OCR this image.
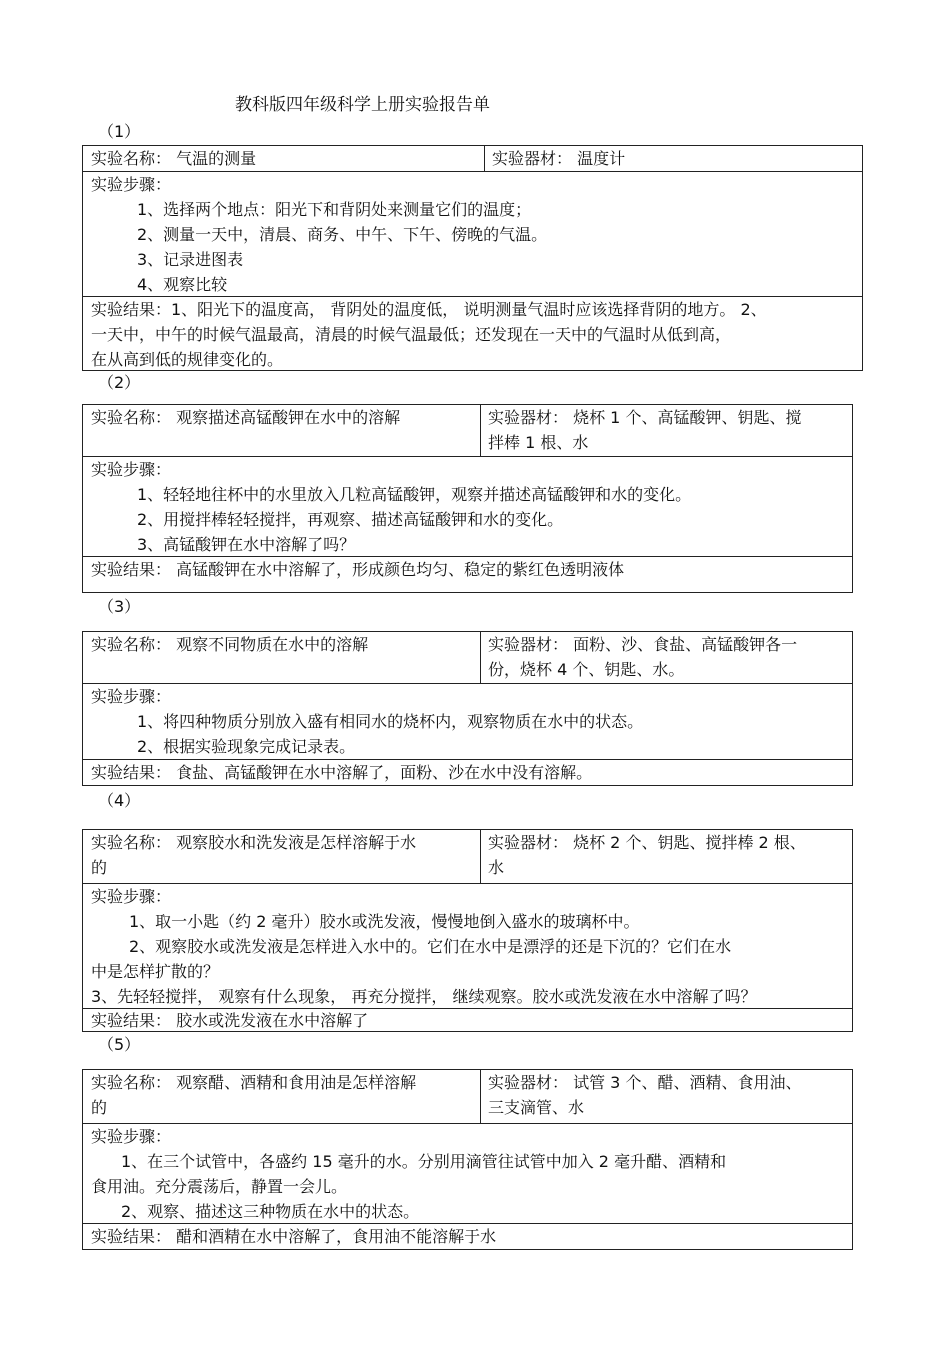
教科版四年级科学上册实验报告单
（1）
实验名称： 气温的测量	实验器材： 温度计
实验步骤：
1、选择两个地点：阳光下和背阴处来测量它们的温度；
2、测量一天中，清晨、商务、中午、下午、傍晚的气温。
3、记录进图表
4、观察比较
实验结果：1、阳光下的温度高， 背阴处的温度低， 说明测量气温时应该选择背阴的地方。 2、
一天中，中午的时候气温最高，清晨的时候气温最低；还发现在一天中的气温时从低到高，
在从高到低的规律变化的。
（2）
实验名称： 观察描述高锰酸钾在水中的溶解	实验器材： 烧杯 1 个、高锰酸钾、钥匙、搅
拌棒 1 根、水
实验步骤：
1、轻轻地往杯中的水里放入几粒高锰酸钾，观察并描述高锰酸钾和水的变化。
2、用搅拌棒轻轻搅拌，再观察、描述高锰酸钾和水的变化。
3、高锰酸钾在水中溶解了吗？
实验结果： 高锰酸钾在水中溶解了，形成颜色均匀、稳定的紫红色透明液体
（3）
实验名称： 观察不同物质在水中的溶解	实验器材： 面粉、沙、食盐、高锰酸钾各一
份，烧杯 4 个、钥匙、水。
实验步骤：
1、将四种物质分别放入盛有相同水的烧杯内，观察物质在水中的状态。
2、根据实验现象完成记录表。
实验结果： 食盐、高锰酸钾在水中溶解了，面粉、沙在水中没有溶解。
（4）
实验名称： 观察胶水和洗发液是怎样溶解于水
的
实验器材： 烧杯 2 个、钥匙、搅拌棒 2 根、
水
实验步骤：
1、取一小匙（约 2 毫升）胶水或洗发液，慢慢地倒入盛水的玻璃杯中。
2、观察胶水或洗发液是怎样进入水中的。它们在水中是漂浮的还是下沉的？它们在水
中是怎样扩散的？
3、先轻轻搅拌， 观察有什么现象， 再充分搅拌， 继续观察。胶水或洗发液在水中溶解了吗？
实验结果： 胶水或洗发液在水中溶解了
（5）
实验名称： 观察醋、酒精和食用油是怎样溶解
的
实验器材： 试管 3 个、醋、酒精、食用油、
三支滴管、水
实验步骤：
1、在三个试管中，各盛约 15 毫升的水。分别用滴管往试管中加入 2 毫升醋、酒精和
食用油。充分震荡后，静置一会儿。
2、观察、描述这三种物质在水中的状态。
实验结果： 醋和酒精在水中溶解了，食用油不能溶解于水
